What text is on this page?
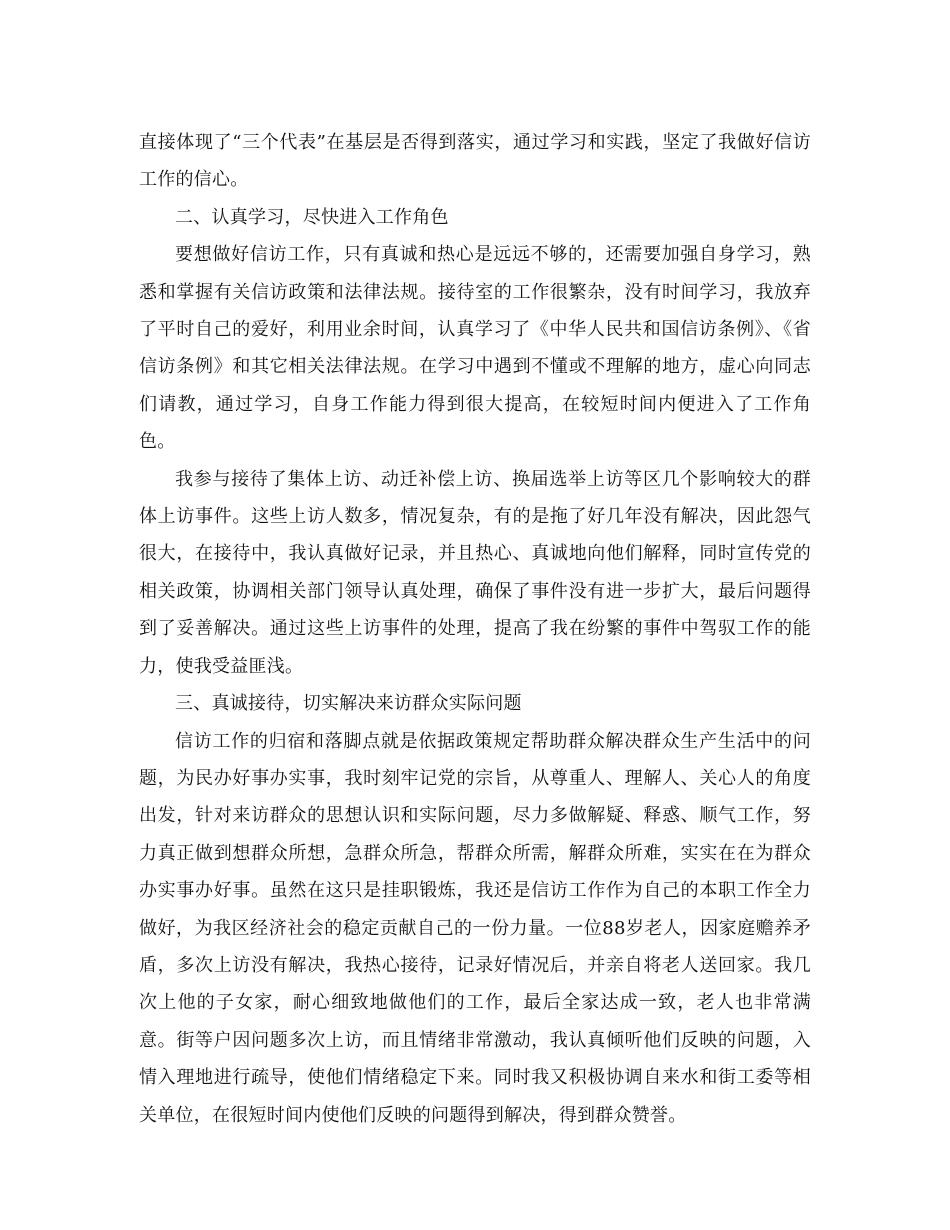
直接体现了“三个代表”在基层是否得到落实，通过学习和实践，坚定了我做好信访工作的信心。

二、认真学习，尽快进入工作角色

要想做好信访工作，只有真诚和热心是远远不够的，还需要加强自身学习，熟悉和掌握有关信访政策和法律法规。接待室的工作很繁杂，没有时间学习，我放弃了平时自己的爱好，利用业余时间，认真学习了《中华人民共和国信访条例》、《省信访条例》和其它相关法律法规。在学习中遇到不懂或不理解的地方，虚心向同志们请教，通过学习，自身工作能力得到很大提高，在较短时间内便进入了工作角色。

我参与接待了集体上访、动迁补偿上访、换届选举上访等区几个影响较大的群体上访事件。这些上访人数多，情况复杂，有的是拖了好几年没有解决，因此怨气很大，在接待中，我认真做好记录，并且热心、真诚地向他们解释，同时宣传党的相关政策，协调相关部门领导认真处理，确保了事件没有进一步扩大，最后问题得到了妥善解决。通过这些上访事件的处理，提高了我在纷繁的事件中驾驭工作的能力，使我受益匪浅。

三、真诚接待，切实解决来访群众实际问题

信访工作的归宿和落脚点就是依据政策规定帮助群众解决群众生产生活中的问题，为民办好事办实事，我时刻牢记党的宗旨，从尊重人、理解人、关心人的角度出发，针对来访群众的思想认识和实际问题，尽力多做解疑、释惑、顺气工作，努力真正做到想群众所想，急群众所急，帮群众所需，解群众所难，实实在在为群众办实事办好事。虽然在这只是挂职锻炼，我还是信访工作作为自己的本职工作全力做好，为我区经济社会的稳定贡献自己的一份力量。一位88岁老人，因家庭赡养矛盾，多次上访没有解决，我热心接待，记录好情况后，并亲自将老人送回家。我几次上他的子女家，耐心细致地做他们的工作，最后全家达成一致，老人也非常满意。街等户因问题多次上访，而且情绪非常激动，我认真倾听他们反映的问题，入情入理地进行疏导，使他们情绪稳定下来。同时我又积极协调自来水和街工委等相关单位，在很短时间内使他们反映的问题得到解决，得到群众赞誉。
